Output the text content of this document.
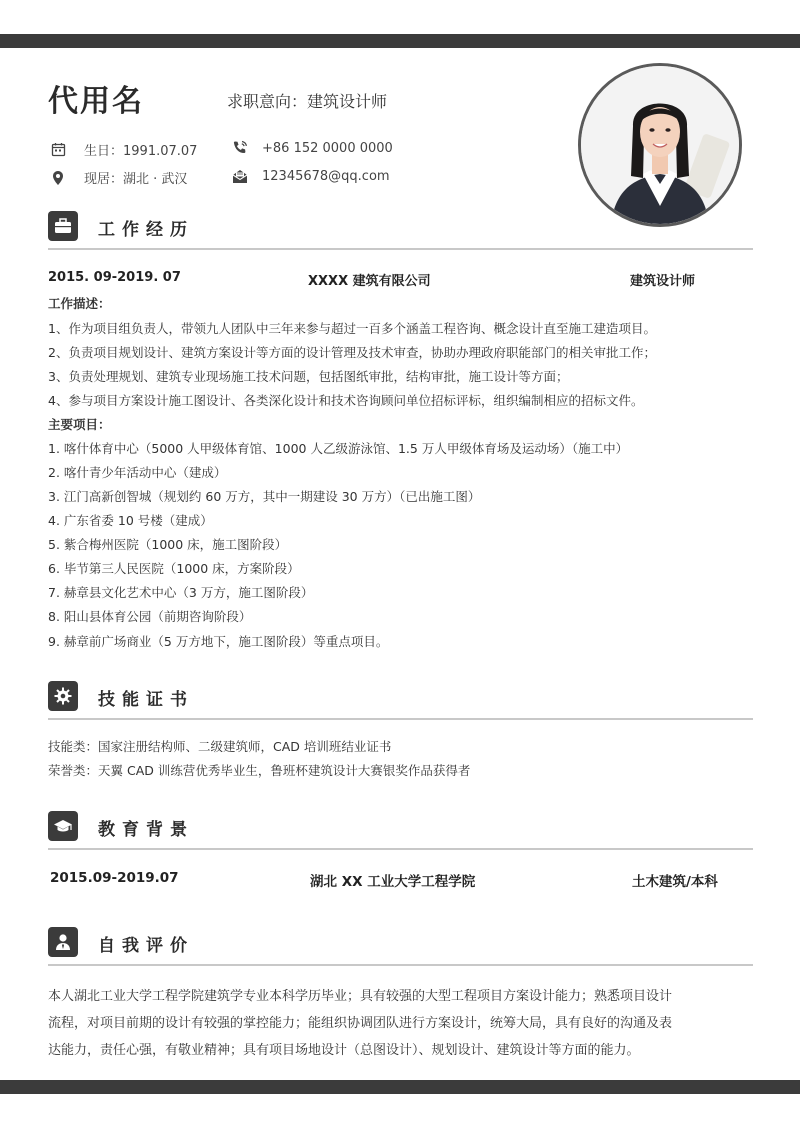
代用名	求职意向：建筑设计师
生日：1991.07.07
现居：湖北 · 武汉
+86 152 0000 0000
12345678@qq.com
工作经历
2015. 09-2019. 07	XXXX 建筑有限公司	建筑设计师
工作描述：
1、作为项目组负责人，带领九人团队中三年来参与超过一百多个涵盖工程咨询、概念设计直至施工建造项目。
2、负责项目规划设计、建筑方案设计等方面的设计管理及技术审查，协助办理政府职能部门的相关审批工作；
3、负责处理规划、建筑专业现场施工技术问题，包括图纸审批，结构审批，施工设计等方面；
4、参与项目方案设计施工图设计、各类深化设计和技术咨询顾问单位招标评标，组织编制相应的招标文件。
主要项目：
1. 喀什体育中心（5000 人甲级体育馆、1000 人乙级游泳馆、1.5 万人甲级体育场及运动场）（施工中）
2. 喀什青少年活动中心（建成）
3. 江门高新创智城（规划约 60 万方，其中一期建设 30 万方）（已出施工图）
4. 广东省委 10 号楼（建成）
5. 紫合梅州医院（1000 床，施工图阶段）
6. 毕节第三人民医院（1000 床，方案阶段）
7. 赫章县文化艺术中心（3 万方，施工图阶段）
8. 阳山县体育公园（前期咨询阶段）
9. 赫章前广场商业（5 万方地下，施工图阶段）等重点项目。
技能证书
技能类：国家注册结构师、二级建筑师，CAD 培训班结业证书
荣誉类：天翼 CAD 训练营优秀毕业生，鲁班杯建筑设计大赛银奖作品获得者
教育背景
2015.09-2019.07	湖北 XX 工业大学工程学院	土木建筑/本科
自我评价
本人湖北工业大学工程学院建筑学专业本科学历毕业；具有较强的大型工程项目方案设计能力；熟悉项目设计
流程，对项目前期的设计有较强的掌控能力；能组织协调团队进行方案设计，统筹大局，具有良好的沟通及表
达能力，责任心强，有敬业精神；具有项目场地设计（总图设计）、规划设计、建筑设计等方面的能力。
